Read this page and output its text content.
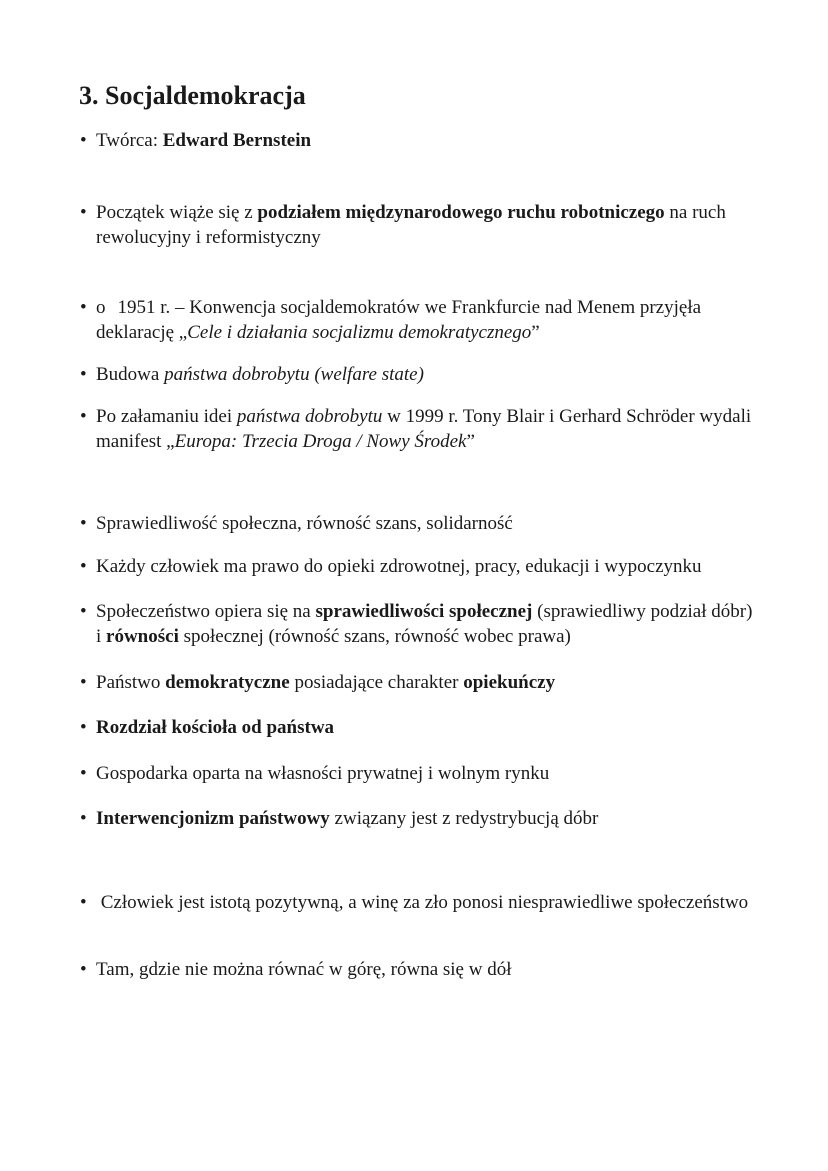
3. Socjaldemokracja
• Twórca: Edward Bernstein
• Początek wiąże się z podziałem międzynarodowego ruchu robotniczego na ruch rewolucyjny i reformistyczny
• o 1951 r. – Konwencja socjaldemokratów we Frankfurcie nad Menem przyjęła deklarację „Cele i działania socjalizmu demokratycznego”
• Budowa państwa dobrobytu (welfare state)
• Po załamaniu idei państwa dobrobytu w 1999 r. Tony Blair i Gerhard Schröder wydali manifest „Europa: Trzecia Droga / Nowy Środek”
• Sprawiedliwość społeczna, równość szans, solidarność
• Każdy człowiek ma prawo do opieki zdrowotnej, pracy, edukacji i wypoczynku
• Społeczeństwo opiera się na sprawiedliwości społecznej (sprawiedliwy podział dóbr) i równości społecznej (równość szans, równość wobec prawa)
• Państwo demokratyczne posiadające charakter opiekuńczy
• Rozdział kościoła od państwa
• Gospodarka oparta na własności prywatnej i wolnym rynku
• Interwencjonizm państwowy związany jest z redystrybucją dóbr
• Człowiek jest istotą pozytywną, a winę za zło ponosi niesprawiedliwe społeczeństwo
• Tam, gdzie nie można równać w górę, równa się w dół
